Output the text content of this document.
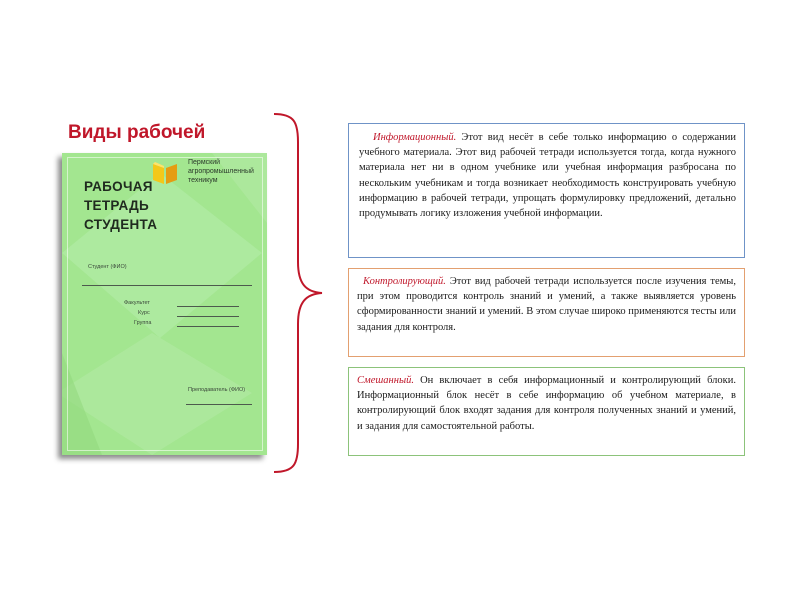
Виды рабочей
Пермский
агропромышленный
техникум
РАБОЧАЯ
ТЕТРАДЬ
СТУДЕНТА
Студент (ФИО)
Факультет
Курс
Группа
Преподаватель (ФИО)
Информационный. Этот вид несёт в себе только информацию о содержании учебного материала. Этот вид рабочей тетради используется тогда, когда нужного материала нет ни в одном учебнике или учебная информация разбросана по нескольким учебникам и тогда возникает необходимость конструировать учебную информацию в рабочей тетради, упрощать формулировку предложений, детально продумывать логику изложения учебной информации.
Контролирующий. Этот вид рабочей тетради используется после изучения темы, при этом проводится контроль знаний и умений, а также выявляется уровень сформированности знаний и умений. В этом случае широко применяются тесты или задания для контроля.
Смешанный. Он включает в себя информационный и контролирующий блоки. Информационный блок несёт в себе информацию об учебном материале, в контролирующий блок входят задания для контроля полученных знаний и умений, и задания для самостоятельной работы.
